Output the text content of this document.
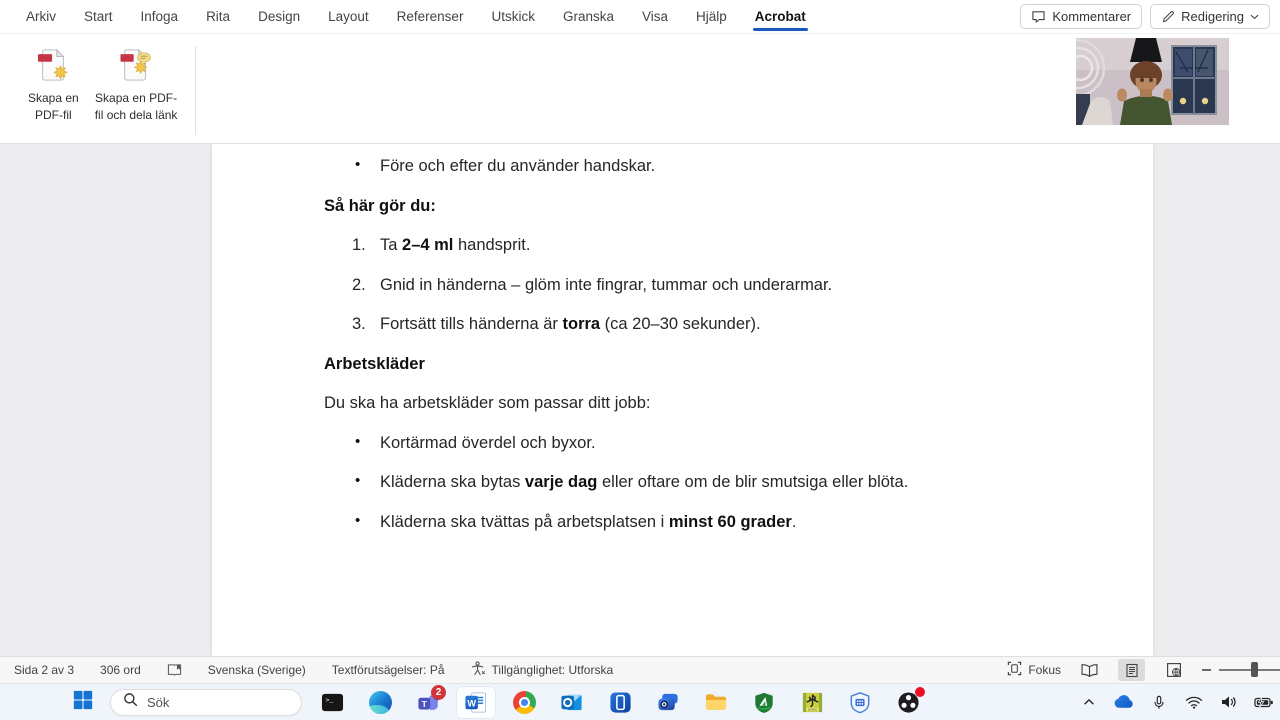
Arkiv	Start	Infoga	Rita	Design	Layout	Referenser	Utskick	Granska	Visa	Hjälp	Acrobat	Kommentarer	Redigering
Skapa en
PDF-fil
Skapa en PDF-
fil och dela länk
• Före och efter du använder handskar.
Så här gör du:
1. Ta 2–4 ml handsprit.
2. Gnid in händerna – glöm inte fingrar, tummar och underarmar.
3. Fortsätt tills händerna är torra (ca 20–30 sekunder).
Arbetskläder
Du ska ha arbetskläder som passar ditt jobb:
• Kortärmad överdel och byxor.
• Kläderna ska bytas varje dag eller oftare om de blir smutsiga eller blöta.
• Kläderna ska tvättas på arbetsplatsen i minst 60 grader.
Sida 2 av 3 306 ord	Svenska (Sverige) Textförutsägelser: På	Tillgänglighet: Utforska	Fokus
Sök	>_	T
2
W
LOGIC
